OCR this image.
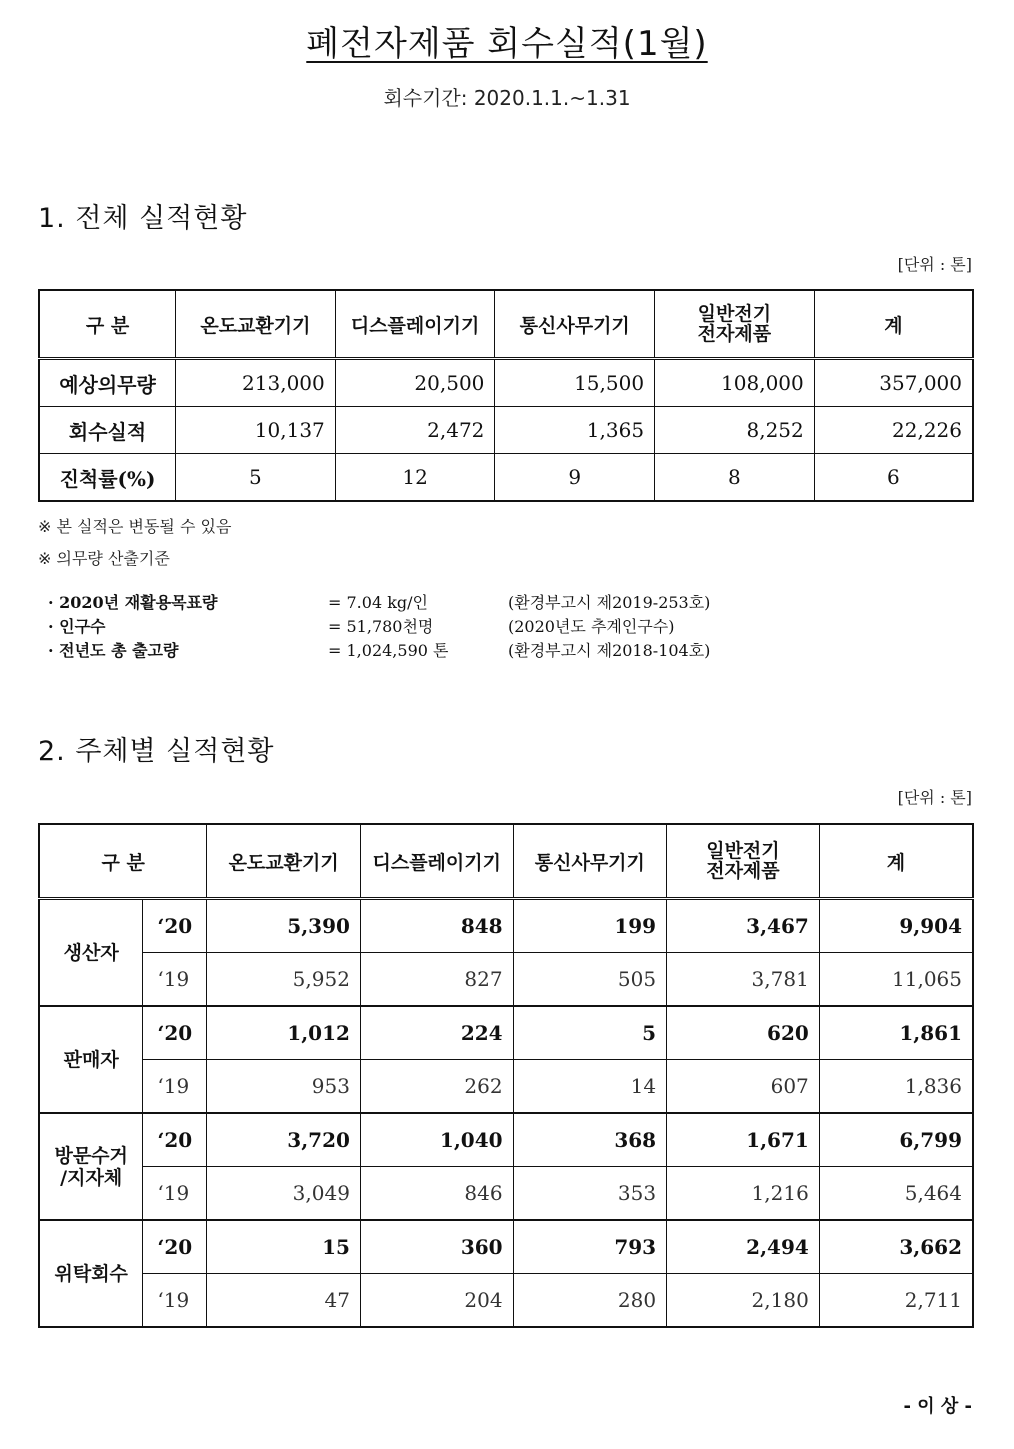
폐전자제품 회수실적(1월)
회수기간: 2020.1.1.~1.31
1. 전체 실적현황
[단위 : 톤]
구 분	온도교환기기	디스플레이기기	통신사무기기	일반전기 전자제품	계
예상의무량	213,000	20,500	15,500	108,000	357,000
회수실적	10,137	2,472	1,365	8,252	22,226
진척률(%)	5	12	9	8	6
※ 본 실적은 변동될 수 있음
※ 의무량 산출기준
· 2020년 재활용목표량	= 7.04 kg/인	(환경부고시 제2019-253호)
· 인구수	= 51,780천명	(2020년도 추계인구수)
· 전년도 총 출고량	= 1,024,590 톤	(환경부고시 제2018-104호)
2. 주체별 실적현황
[단위 : 톤]
구 분		온도교환기기	디스플레이기기	통신사무기기	일반전기 전자제품	계
생산자	‘20	5,390	848	199	3,467	9,904
	‘19	5,952	827	505	3,781	11,065
판매자	‘20	1,012	224	5	620	1,861
	‘19	953	262	14	607	1,836
방문수거 /지자체	‘20	3,720	1,040	368	1,671	6,799
	‘19	3,049	846	353	1,216	5,464
위탁회수	‘20	15	360	793	2,494	3,662
	‘19	47	204	280	2,180	2,711
- 이 상 -
